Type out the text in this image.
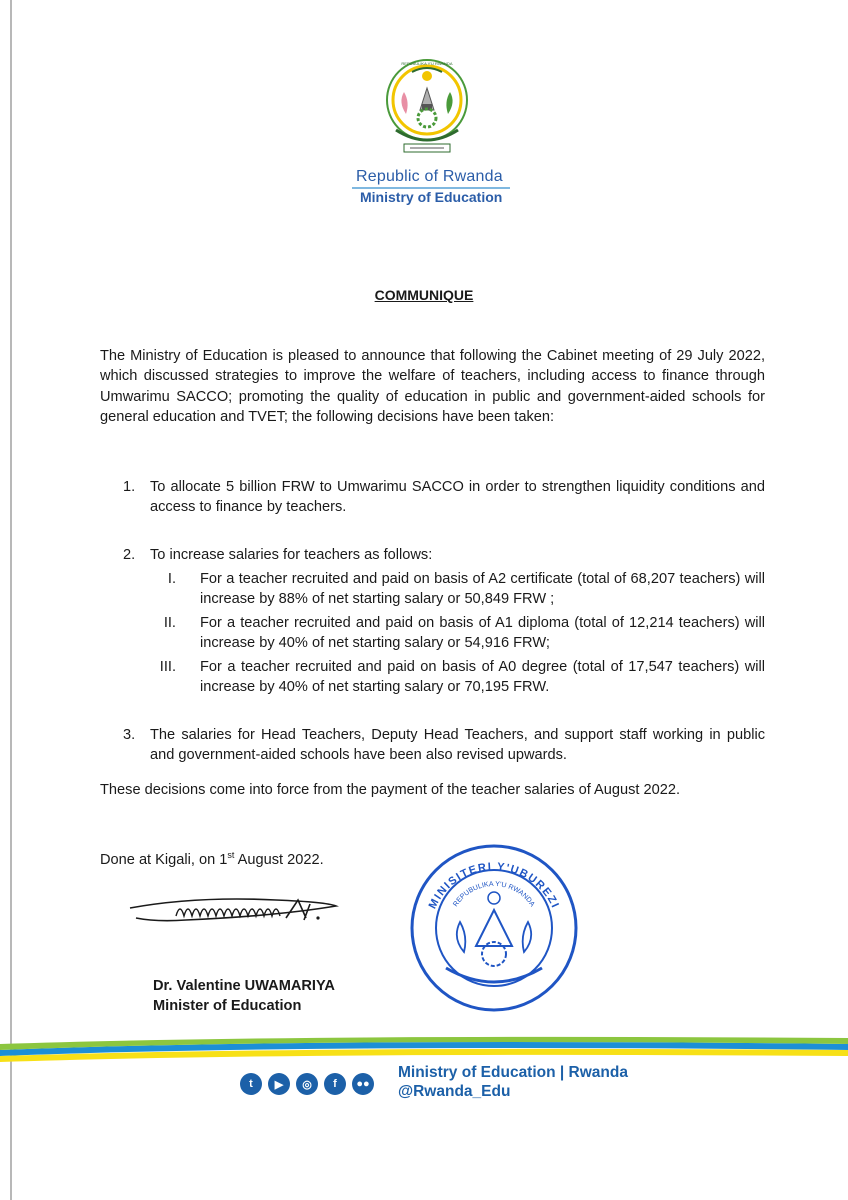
REPUBULIKA Y'U RWANDA
Republic of Rwanda
Ministry of Education
COMMUNIQUE
The Ministry of Education is pleased to announce that following the Cabinet meeting of 29 July 2022, which discussed strategies to improve the welfare of teachers, including access to finance through Umwarimu SACCO; promoting the quality of education in public and government-aided schools for general education and TVET; the following decisions have been taken:
1. To allocate 5 billion FRW to Umwarimu SACCO in order to strengthen liquidity conditions and access to finance by teachers.
2. To increase salaries for teachers as follows:
I. For a teacher recruited and paid on basis of A2 certificate (total of 68,207 teachers) will increase by 88% of net starting salary or 50,849 FRW ;
II. For a teacher recruited and paid on basis of A1 diploma (total of 12,214 teachers) will increase by 40% of net starting salary or 54,916 FRW;
III. For a teacher recruited and paid on basis of A0 degree (total of 17,547 teachers) will increase by 40% of net starting salary or 70,195 FRW.
3. The salaries for Head Teachers, Deputy Head Teachers, and support staff working in public and government-aided schools have been also revised upwards.
These decisions come into force from the payment of the teacher salaries of August 2022.
Done at Kigali, on 1st August 2022.
MINISITERI Y'UBUREZI
REPUBULIKA Y'U RWANDA
Dr. Valentine UWAMARIYA
Minister of Education
t	▶	◎	f	●●
Ministry of Education | Rwanda
@Rwanda_Edu
